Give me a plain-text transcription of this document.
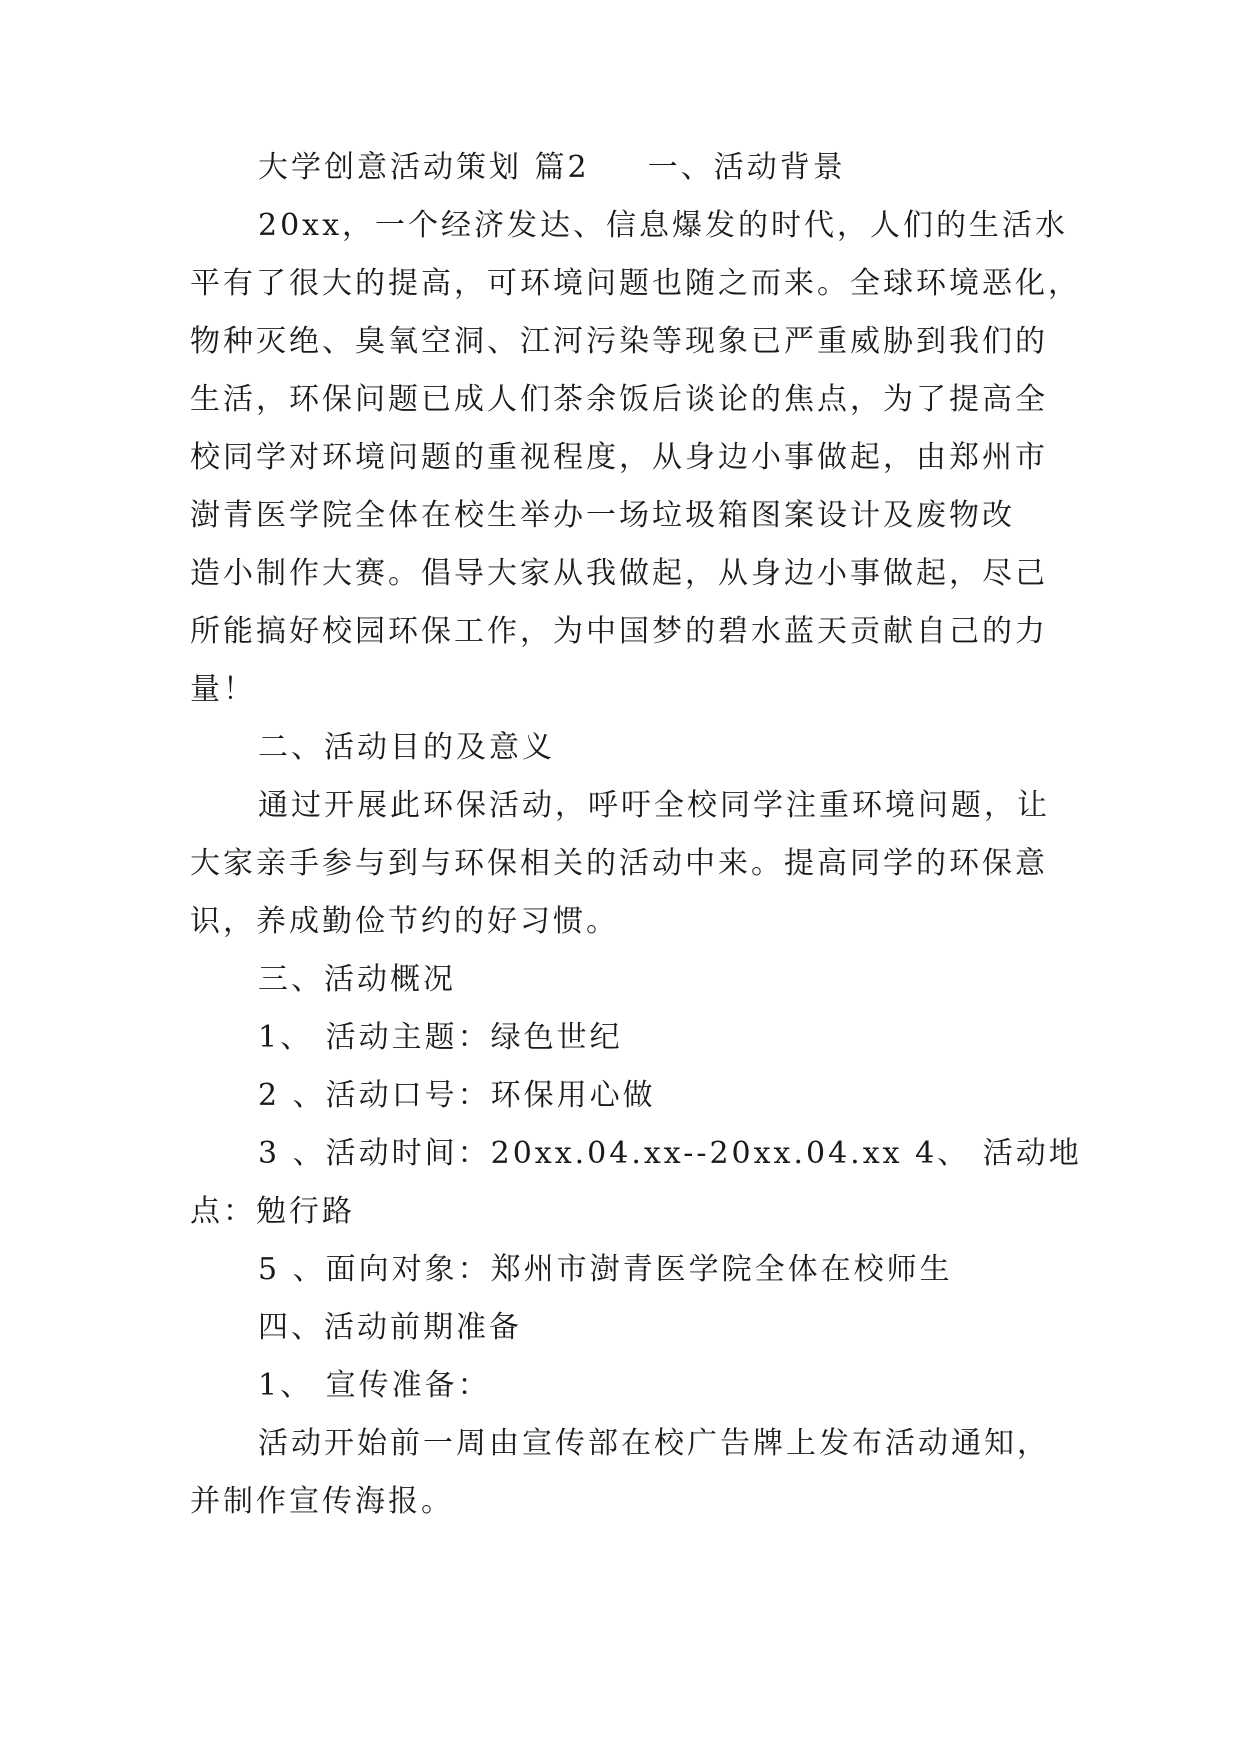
大学创意活动策划 篇2 　 一、活动背景
20xx，一个经济发达、信息爆发的时代，人们的生活水
平有了很大的提高，可环境问题也随之而来。全球环境恶化，
物种灭绝、臭氧空洞、江河污染等现象已严重威胁到我们的
生活，环保问题已成人们茶余饭后谈论的焦点，为了提高全
校同学对环境问题的重视程度，从身边小事做起，由郑州市
澍青医学院全体在校生举办一场垃圾箱图案设计及废物改
造小制作大赛。倡导大家从我做起，从身边小事做起，尽己
所能搞好校园环保工作，为中国梦的碧水蓝天贡献自己的力
量！
二、活动目的及意义
通过开展此环保活动，呼吁全校同学注重环境问题，让
大家亲手参与到与环保相关的活动中来。提高同学的环保意
识，养成勤俭节约的好习惯。
三、活动概况
1、 活动主题：绿色世纪
2 、活动口号：环保用心做
3 、活动时间：20xx.04.xx--20xx.04.xx 4、 活动地
点：勉行路
5 、面向对象：郑州市澍青医学院全体在校师生
四、活动前期准备
1、 宣传准备：
活动开始前一周由宣传部在校广告牌上发布活动通知，
并制作宣传海报。
